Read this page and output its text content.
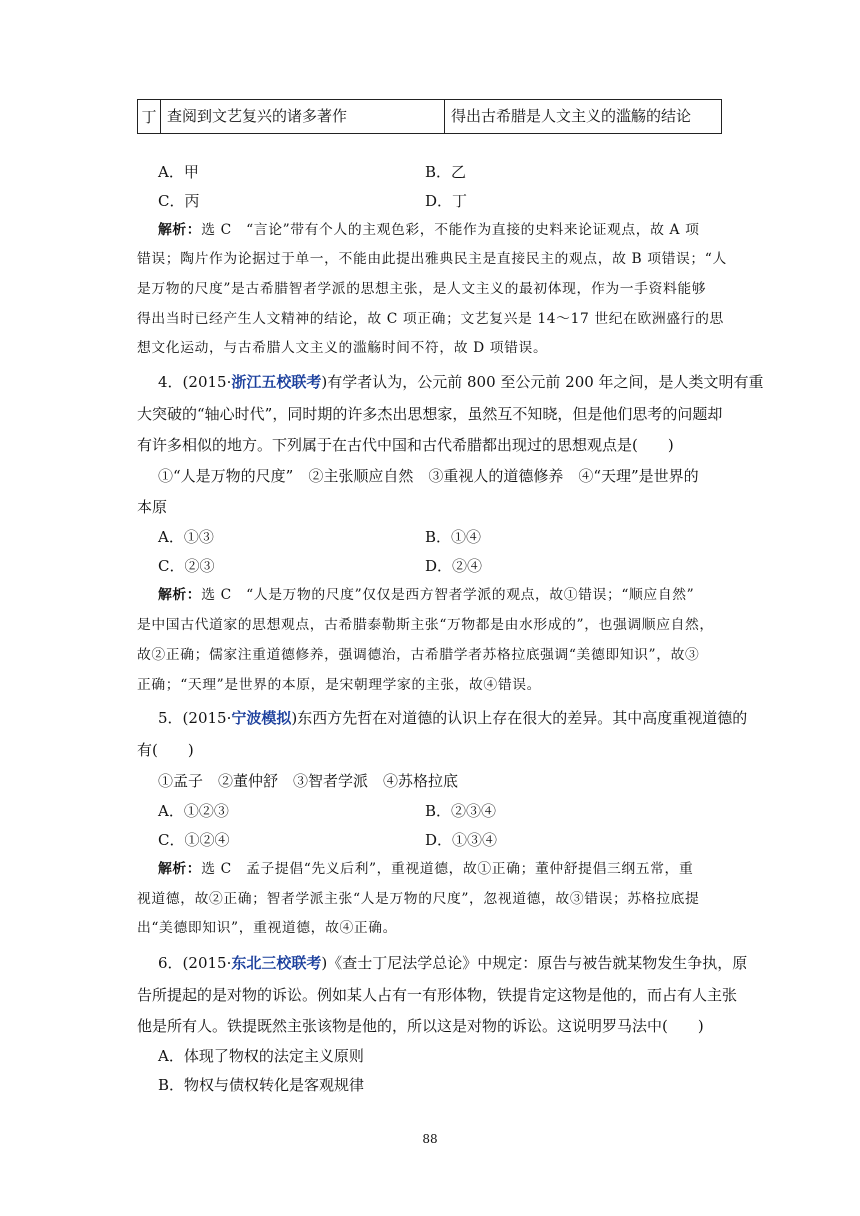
丁	查阅到文艺复兴的诸多著作	得出古希腊是人文主义的滥觞的结论
A．甲	B．乙
C．丙	D．丁
解析：选 C　“言论”带有个人的主观色彩，不能作为直接的史料来论证观点，故 A 项
错误；陶片作为论据过于单一，不能由此提出雅典民主是直接民主的观点，故 B 项错误；“人
是万物的尺度”是古希腊智者学派的思想主张，是人文主义的最初体现，作为一手资料能够
得出当时已经产生人文精神的结论，故 C 项正确；文艺复兴是 14～17 世纪在欧洲盛行的思
想文化运动，与古希腊人文主义的滥觞时间不符，故 D 项错误。
4．(2015·浙江五校联考)有学者认为，公元前 800 至公元前 200 年之间，是人类文明有重
大突破的“轴心时代”，同时期的许多杰出思想家，虽然互不知晓，但是他们思考的问题却
有许多相似的地方。下列属于在古代中国和古代希腊都出现过的思想观点是(　　)
①“人是万物的尺度”　②主张顺应自然　③重视人的道德修养　④“天理”是世界的
本原
A．①③	B．①④
C．②③	D．②④
解析：选 C　“人是万物的尺度”仅仅是西方智者学派的观点，故①错误；“顺应自然”
是中国古代道家的思想观点，古希腊泰勒斯主张“万物都是由水形成的”，也强调顺应自然，
故②正确；儒家注重道德修养，强调德治，古希腊学者苏格拉底强调“美德即知识”，故③
正确；“天理”是世界的本原，是宋朝理学家的主张，故④错误。
5．(2015·宁波模拟)东西方先哲在对道德的认识上存在很大的差异。其中高度重视道德的
有(　　)
①孟子　②董仲舒　③智者学派　④苏格拉底
A．①②③	B．②③④
C．①②④	D．①③④
解析：选 C　孟子提倡“先义后利”，重视道德，故①正确；董仲舒提倡三纲五常，重
视道德，故②正确；智者学派主张“人是万物的尺度”，忽视道德，故③错误；苏格拉底提
出“美德即知识”，重视道德，故④正确。
6．(2015·东北三校联考)《查士丁尼法学总论》中规定：原告与被告就某物发生争执，原
告所提起的是对物的诉讼。例如某人占有一有形体物，铁提肯定这物是他的，而占有人主张
他是所有人。铁提既然主张该物是他的，所以这是对物的诉讼。这说明罗马法中(　　)
A．体现了物权的法定主义原则
B．物权与债权转化是客观规律
88
